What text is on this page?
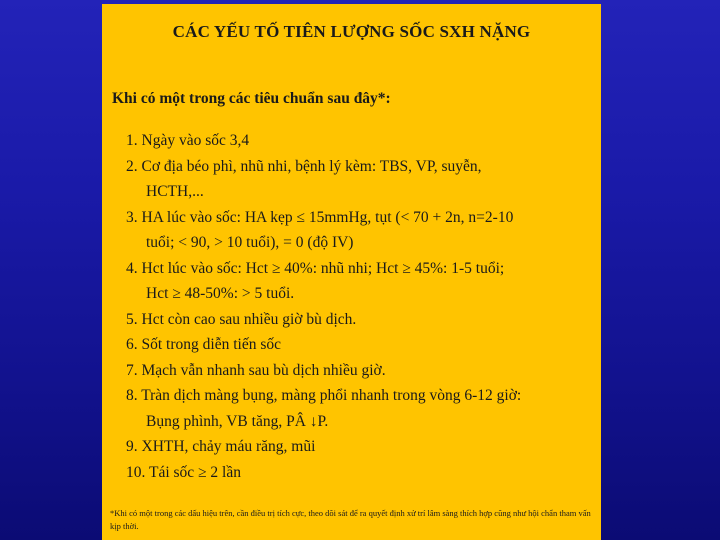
CÁC YẾU TỐ TIÊN LƯỢNG SỐC SXH NẶNG
Khi có một trong các tiêu chuẩn sau đây*:
1. Ngày vào sốc 3,4
2. Cơ địa béo phì, nhũ nhi, bệnh lý kèm: TBS, VP, suyễn,
HCTH,...
3. HA lúc vào sốc: HA kẹp ≤ 15mmHg, tụt (< 70 + 2n, n=2-10
tuổi; < 90, > 10 tuổi), = 0 (độ IV)
4. Hct lúc vào sốc: Hct ≥ 40%: nhũ nhi; Hct ≥ 45%: 1-5 tuổi;
Hct ≥ 48-50%: > 5 tuổi.
5. Hct còn cao sau nhiều giờ bù dịch.
6. Sốt trong diễn tiến sốc
7. Mạch vẫn nhanh sau bù dịch nhiều giờ.
8. Tràn dịch màng bụng, màng phổi nhanh trong vòng 6-12 giờ:
Bụng phình, VB tăng, PÂ ↓P.
9. XHTH, chảy máu răng, mũi
10. Tái sốc ≥ 2 lần
*Khi có một trong các dấu hiệu trên, cần điều trị tích cực, theo dõi sát để ra quyết định xử trí lâm sàng thích hợp cũng như hội chẩn tham vấn kịp thời.
